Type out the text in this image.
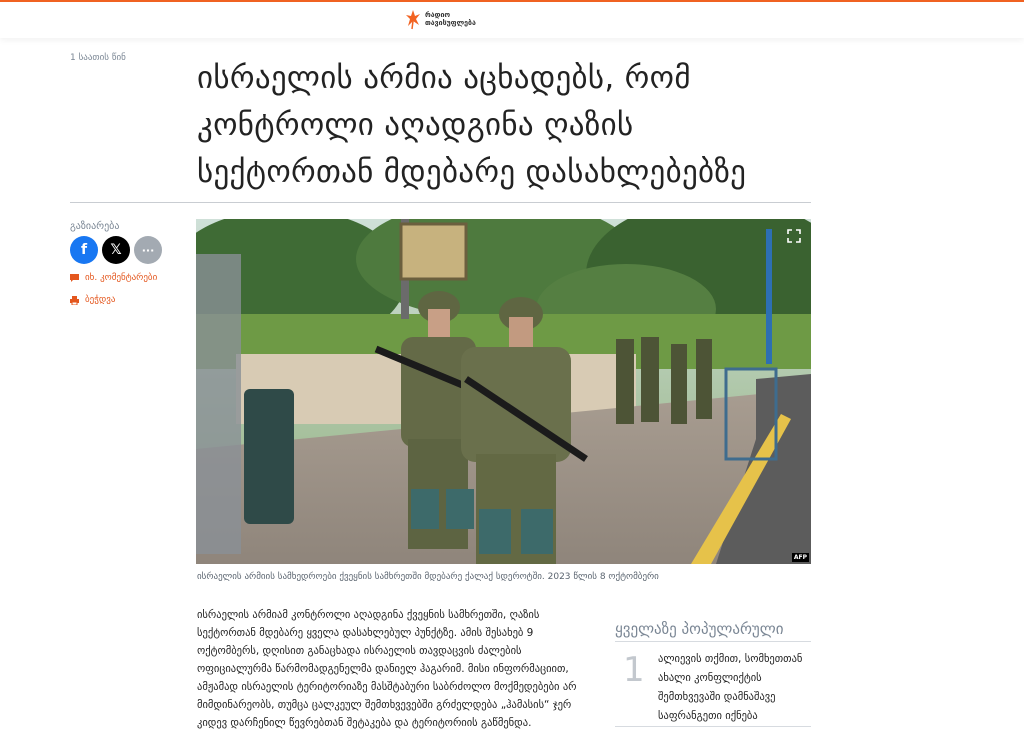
რადიო
თავისუფლება
1 საათის წინ
ისრაელის არმია აცხადებს, რომ კონტროლი აღადგინა ღაზის სექტორთან მდებარე დასახლებებზე
გაზიარება
f 𝕏 ···
იხ. კომენტარები
ბეჭდვა
AFP
ისრაელის არმიის სამხედროები ქვეყნის სამხრეთში მდებარე ქალაქ სდეროტში. 2023 წლის 8 ოქტომბერი

ისრაელის არმიამ კონტროლი აღადგინა ქვეყნის სამხრეთში, ღაზის სექტორთან მდებარე ყველა დასახლებულ პუნქტზე. ამის შესახებ 9 ოქტომბერს, დღისით განაცხადა ისრაელის თავდაცვის ძალების ოფიციალურმა წარმომადგენელმა დანიელ ჰაგარიმ. მისი ინფორმაციით, ამჟამად ისრაელის ტერიტორიაზე მასშტაბური საბრძოლო მოქმედებები არ მიმდინარეობს, თუმცა ცალკეულ შემთხვევებში გრძელდება „ჰამასის“ ჯერ კიდევ დარჩენილ წევრებთან შეტაკება და ტერიტორიის გაწმენდა.

ყველაზე პოპულარული
1 ალიევის თქმით, სომხეთთან ახალი კონფლიქტის შემთხვევაში დამნაშავე საფრანგეთი იქნება
